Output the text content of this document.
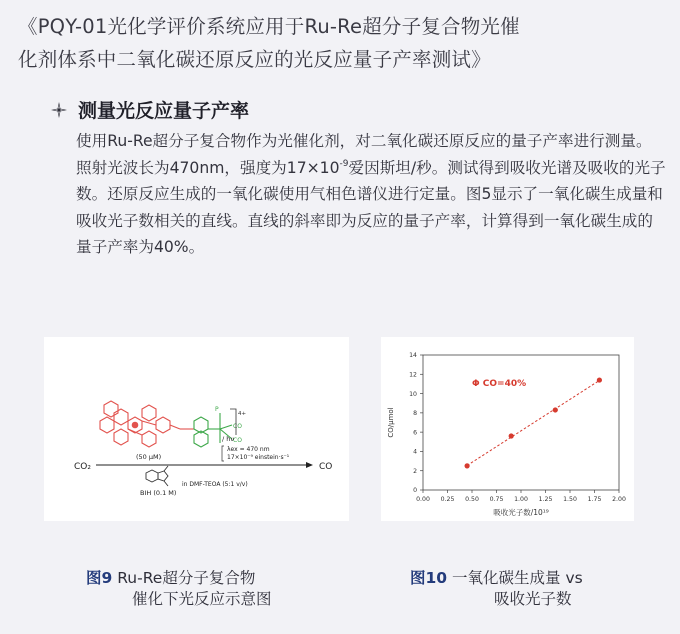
《PQY-01光化学评价系统应用于Ru-Re超分子复合物光催
化剂体系中二氧化碳还原反应的光反应量子产率测试》
测量光反应量子产率
使用Ru-Re超分子复合物作为光催化剂，对二氧化碳还原反应的量子产率进行测量。照射光波长为470nm，强度为$17\times 10^{-9}$爱因斯坦/秒。测试得到吸收光谱及吸收的光子数。还原反应生成的一氧化碳使用气相色谱仪进行定量。图5显示了一氧化碳生成量和吸收光子数相关的直线。直线的斜率即为反应的量子产率，计算得到一氧化碳生成的量子产率为40%。
CO
CO
P
4+
/ hν
λex = 470 nm
17×10⁻⁹ einstein·s⁻¹
(50 μM)
CO₂	CO
in DMF-TEOA (5:1 v/v)
BIH (0.1 M)
0.00 0.25 0.50 0.75 1.00 1.25 1.50 1.75 2.00
0
2
4
6
8
10
12
14
Φ CO=40%
吸收光子数/10¹⁹
CO/μmol
图9 Ru-Re超分子复合物
催化下光反应示意图
图10 一氧化碳生成量 vs
吸收光子数
